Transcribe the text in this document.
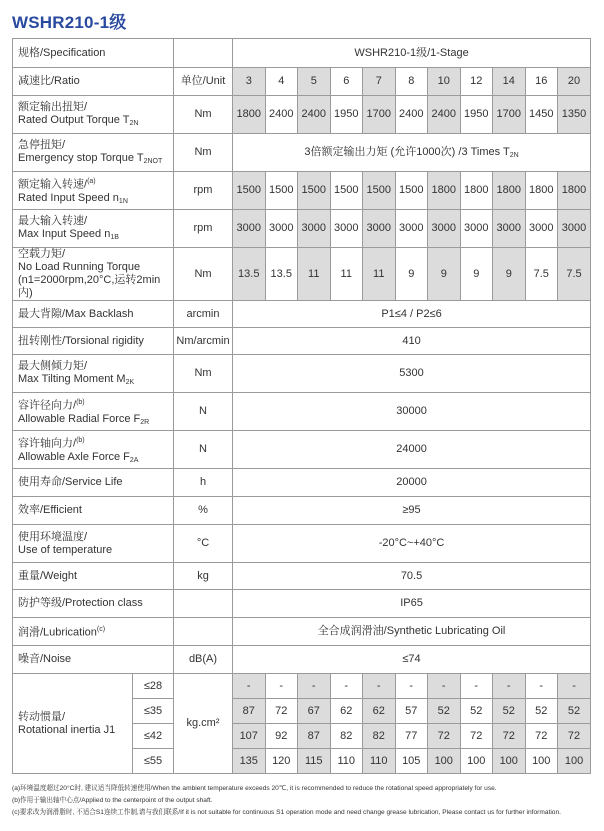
WSHR210-1级
规格/Specification			WSHR210-1级/1-Stage										
减速比/Ratio		单位/Unit	3	4	5	6	7	8	10	12	14	16	20
额定输出扭矩/
Rated Output Torque $T_{2N}$		Nm	1800	2400	2400	1950	1700	2400	2400	1950	1700	1450	1350
急停扭矩/
Emergency stop Torque $T_{2NOT}$		Nm	3倍额定输出力矩 (允许1000次) /3 Times $T_{2N}$
额定输入转速/$^{(a)}$
Rated Input Speed $n_{1N}$		rpm	1500	1500	1500	1500	1500	1500	1800	1800	1800	1800	1800
最大输入转速/
Max Input Speed $n_{1B}$		rpm	3000	3000	3000	3000	3000	3000	3000	3000	3000	3000	3000
空载力矩/
No Load Running Torque
(n1=2000rpm,20°C,运转2min内)		Nm	13.5	13.5	11	11	11	9	9	9	9	7.5	7.5
最大背隙/Max Backlash		arcmin	P1≤4 / P2≤6										
扭转刚性/Torsional rigidity		Nm/arcmin	410										
最大侧倾力矩/
Max Tilting Moment $M_{2K}$		Nm	5300										
容许径向力/$^{(b)}$
Allowable Radial Force $F_{2R}$		N	30000										
容许轴向力/$^{(b)}$
Allowable Axle Force $F_{2A}$		N	24000										
使用寿命/Service Life		h	20000										
效率/Efficient		%	≥95										
使用环境温度/
Use of temperature		°C	-20°C~+40°C										
重量/Weight		kg	70.5										
防护等级/Protection class			IP65										
润滑/Lubrication$^{(c)}$			全合成润滑油/Synthetic Lubricating Oil										
噪音/Noise		dB(A)	≤74										
转动惯量/
Rotational inertia J1	≤28	kg.cm²	-	-	-	-	-	-	-	-	-	-	-
	≤35		87	72	67	62	62	57	52	52	52	52	52
	≤42		107	92	87	82	82	77	72	72	72	72	72
	≤55		135	120	115	110	110	105	100	100	100	100	100
(a)环境温度超过20°C时, 建议适当降低转速使用/When the ambient temperature exceeds 20℃, it is recommended to reduce the rotational speed appropriately for use.
(b)作用于输出轴中心点/Applied to the centerpoint of the output shaft.
(c)要求改为润滑脂时, 不适合S1连续工作制,请与我们联系/If it is not suitable for continuous S1 operation mode and need change grease lubrication, Please contact us for further information.
